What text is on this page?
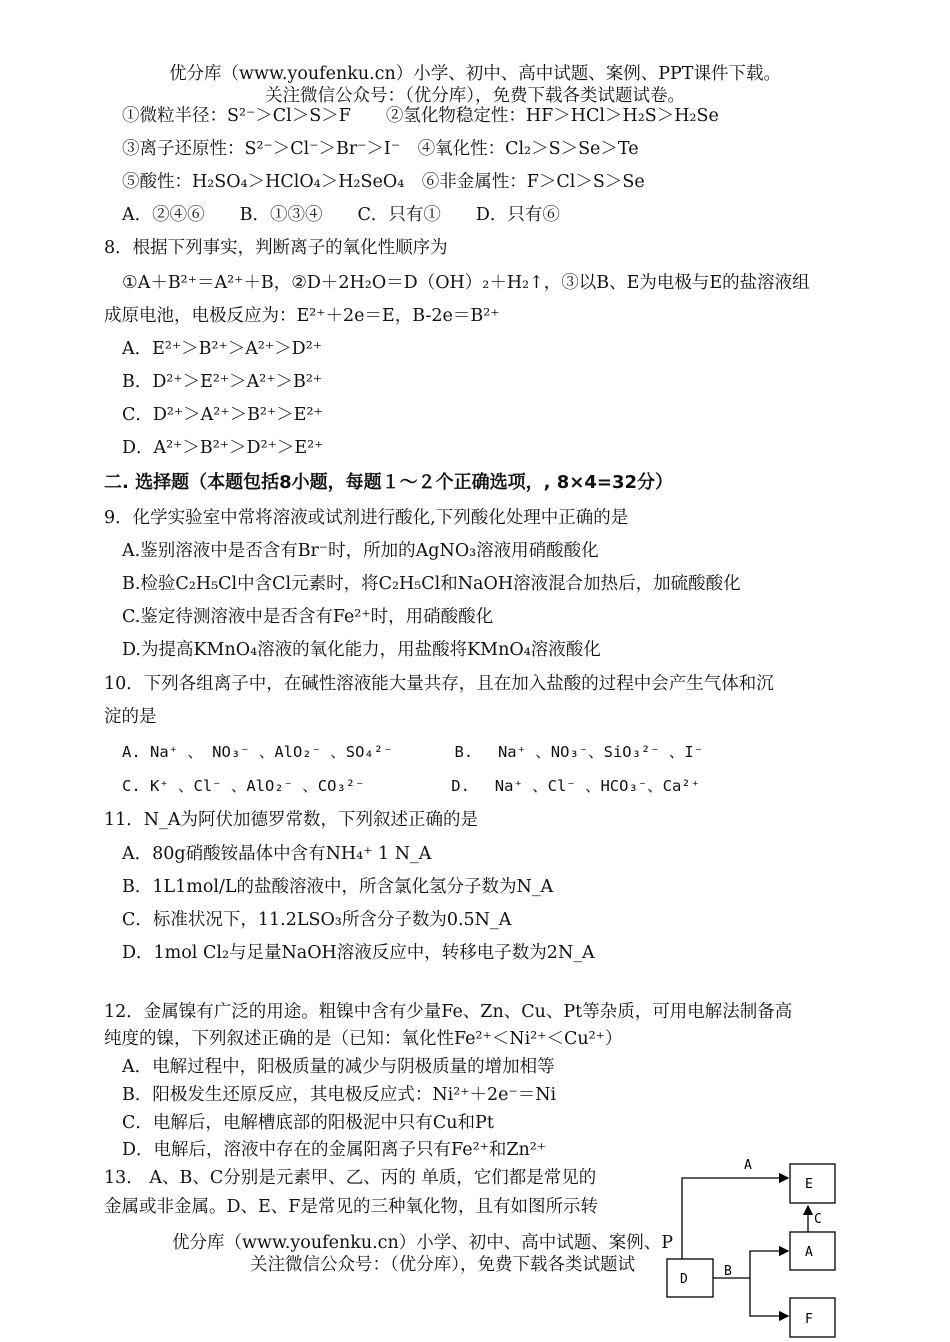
优分库（www.youfenku.cn）小学、初中、高中试题、案例、PPT课件下载。
关注微信公众号：（优分库），免费下载各类试题试卷。
①微粒半径：S²⁻＞Cl＞S＞F　　②氢化物稳定性：HF＞HCl＞H₂S＞H₂Se
③离子还原性：S²⁻＞Cl⁻＞Br⁻＞I⁻　④氧化性：Cl₂＞S＞Se＞Te
⑤酸性：H₂SO₄＞HClO₄＞H₂SeO₄　⑥非金属性：F＞Cl＞S＞Se
A．②④⑥　　B．①③④　　C．只有①　　D．只有⑥
8．根据下列事实，判断离子的氧化性顺序为
①A＋B²⁺＝A²⁺＋B，②D＋2H₂O＝D（OH）₂＋H₂↑，③以B、E为电极与E的盐溶液组
成原电池，电极反应为：E²⁺＋2e＝E，B-2e＝B²⁺
A．E²⁺＞B²⁺＞A²⁺＞D²⁺
B．D²⁺＞E²⁺＞A²⁺＞B²⁺
C．D²⁺＞A²⁺＞B²⁺＞E²⁺
D．A²⁺＞B²⁺＞D²⁺＞E²⁺
二. 选择题（本题包括8小题，每题１～２个正确选项，, 8×4=32分）
9．化学实验室中常将溶液或试剂进行酸化,下列酸化处理中正确的是
A.鉴别溶液中是否含有Br⁻时，所加的AgNO₃溶液用硝酸酸化
B.检验C₂H₅Cl中含Cl元素时，将C₂H₅Cl和NaOH溶液混合加热后，加硫酸酸化
C.鉴定待测溶液中是否含有Fe²⁺时，用硝酸酸化
D.为提高KMnO₄溶液的氧化能力，用盐酸将KMnO₄溶液酸化
10．下列各组离子中，在碱性溶液能大量共存，且在加入盐酸的过程中会产生气体和沉
淀的是
A. Na⁺ 、 NO₃⁻ 、AlO₂⁻ 、SO₄²⁻　　　　B.　 Na⁺ 、NO₃⁻、SiO₃²⁻ 、I⁻
C. K⁺ 、Cl⁻ 、AlO₂⁻ 、CO₃²⁻　　　　　 D.　 Na⁺ 、Cl⁻ 、HCO₃⁻、Ca²⁺
11．N_A为阿伏加德罗常数，下列叙述正确的是
A．80g硝酸铵晶体中含有NH₄⁺ 1 N_A
B．1L1mol/L的盐酸溶液中，所含氯化氢分子数为N_A
C．标准状况下，11.2LSO₃所含分子数为0.5N_A
D．1mol Cl₂与足量NaOH溶液反应中，转移电子数为2N_A
12．金属镍有广泛的用途。粗镍中含有少量Fe、Zn、Cu、Pt等杂质，可用电解法制备高
纯度的镍，下列叙述正确的是（已知：氧化性Fe²⁺＜Ni²⁺＜Cu²⁺）
A．电解过程中，阳极质量的减少与阴极质量的增加相等
B．阳极发生还原反应，其电极反应式：Ni²⁺＋2e⁻＝Ni
C．电解后，电解槽底部的阳极泥中只有Cu和Pt
D．电解后，溶液中存在的金属阳离子只有Fe²⁺和Zn²⁺
13． A、B、C分别是元素甲、乙、丙的 单质，它们都是常见的
金属或非金属。D、E、F是常见的三种氧化物，且有如图所示转
优分库（www.youfenku.cn）小学、初中、高中试题、案例、P
关注微信公众号：（优分库），免费下载各类试题试
A
C
B
E
A
D
F
